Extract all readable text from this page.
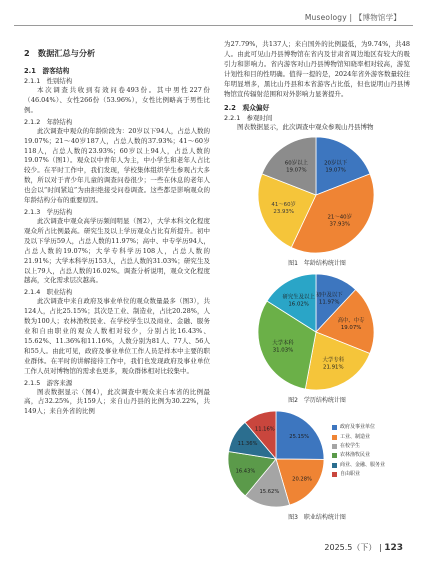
Museology | 【博物馆学】
2　数据汇总与分析
2.1　游客结构
2.1.1　性别结构

本次调查共收到有效问卷493份。其中男性227份（46.04%）、女性266份（53.96%），女性比例略高于男性比例。

2.1.2　年龄结构

此次调查中观众的年龄阶段为：20岁以下94人，占总人数的19.07%；21～40岁187人，占总人数的37.93%；41～60岁118人，占总人数的23.93%；60岁以上94人，占总人数的19.07%（图1）。观众以中青年人为主，中小学生和老年人占比较少。在平时工作中，我们发现，学校集体组织学生参观占大多数，所以对于青少年儿童的调查问卷很少；一些在休息的老年人也会以“时间紧迫”为由拒绝接受问卷调查。这些都是影响观众的年龄结构分布的重要原因。

2.1.3　学历结构

此次调查中观众高学历频间明显（图2），大学本科文化程度观众所占比例最高。研究生及以上学历观众占比有所提升。初中及以下学历59人，占总人数的11.97%；高中、中专学历94人，占总人数的19.07%；大学专科学历108人，占总人数的21.91%；大学本科学历153人，占总人数的31.03%；研究生及以上79人，占总人数的16.02%。调查分析说明，观众文化程度越高，文化需求层次越高。

2.1.4　职业结构

此次调查中来自政府及事业单位的观众数量最多（图3），共124人，占比25.15%；其次是工业、制造业，占比20.28%，人数为100人；农林渔牧民业、在学校学生以及商业、金融、服务业和自由职业的观众人数相对较少，分别占比16.43%、15.62%、11.36%和11.16%，人数分别为81人、77人、56人和55人。由此可见，政府及事业单位工作人员是样本中主要的职业群体。在平时的讲解接待工作中，我们也发现政府及事业单位工作人员对博物馆的需求也更多，观众群体相对比较集中。

2.1.5　游客来源

图表数据显示（图4），此次调查中观众来自本省的比例最高，占32.25%，共159人；来自山丹县的比例为30.22%，共149人；来自外省的比例

为27.79%，共137人；来自国外的比例最低，为9.74%，共48人。由此可见山丹县博物馆在省内及甘肃省周边地区有较大的吸引力和影响力。省内游客对山丹县博物馆知晓率相对较高，游览计划性和目的性明确。值得一提的是，2024年省外游客数量较往年明显增多，黑比山丹县和本省游客占比低，但也说明山丹县博物馆宣传辐射范围和对外影响力显著提升。

2.2　观众偏好
2.2.1　参观时间

图表数据显示，此次调查中观众参观山丹县博物

20岁以下
19.07%
21～40岁
37.93%
41～60岁
23.93%
60岁以上
19.07%
图1　年龄结构统计图
初中及以下
11.97%
高中、中专
19.07%
大学专科
21.91%
大学本科
31.03%
研究生及以上
16.02%
图2　学历结构统计图
25.15%
20.28%
15.62%
16.43%
11.36%
11.16%	政府及事业单位
工业、制造业
在校学生
农林渔牧民业
商业、金融、服务业
自由职业
图3　职业结构统计图
2025.5（下） | 123
